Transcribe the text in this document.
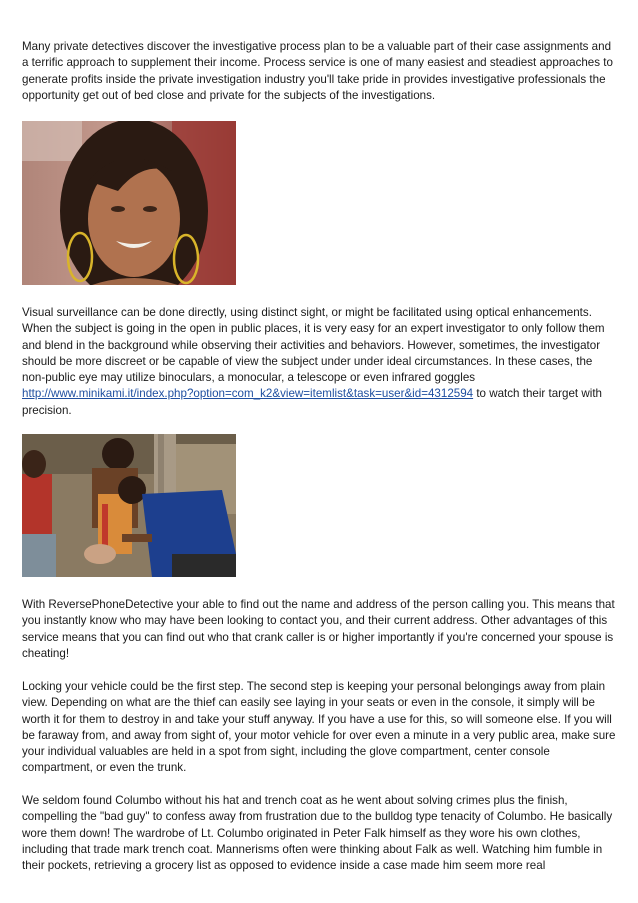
Many private detectives discover the investigative process plan to be a valuable part of their case assignments and a terrific approach to supplement their income. Process service is one of many easiest and steadiest approaches to generate profits inside the private investigation industry you'll take pride in provides investigative professionals the opportunity get out of bed close and private for the subjects of the investigations.

Visual surveillance can be done directly, using distinct sight, or might be facilitated using optical enhancements. When the subject is going in the open in public places, it is very easy for an expert investigator to only follow them and blend in the background while observing their activities and behaviors. However, sometimes, the investigator should be more discreet or be capable of view the subject under under ideal circumstances. In these cases, the non-public eye may utilize binoculars, a monocular, a telescope or even infrared goggles http://www.minikami.it/index.php?option=com_k2&view=itemlist&task=user&id=4312594 to watch their target with precision.

With ReversePhoneDetective your able to find out the name and address of the person calling you. This means that you instantly know who may have been looking to contact you, and their current address. Other advantages of this service means that you can find out who that crank caller is or higher importantly if you're concerned your spouse is cheating!

Locking your vehicle could be the first step. The second step is keeping your personal belongings away from plain view. Depending on what are the thief can easily see laying in your seats or even in the console, it simply will be worth it for them to destroy in and take your stuff anyway. If you have a use for this, so will someone else. If you will be faraway from, and away from sight of, your motor vehicle for over even a minute in a very public area, make sure your individual valuables are held in a spot from sight, including the glove compartment, center console compartment, or even the trunk.

We seldom found Columbo without his hat and trench coat as he went about solving crimes plus the finish, compelling the "bad guy" to confess away from frustration due to the bulldog type tenacity of Columbo. He basically wore them down! The wardrobe of Lt. Columbo originated in Peter Falk himself as they wore his own clothes, including that trade mark trench coat. Mannerisms often were thinking about Falk as well. Watching him fumble in their pockets, retrieving a grocery list as opposed to evidence inside a case made him seem more real
